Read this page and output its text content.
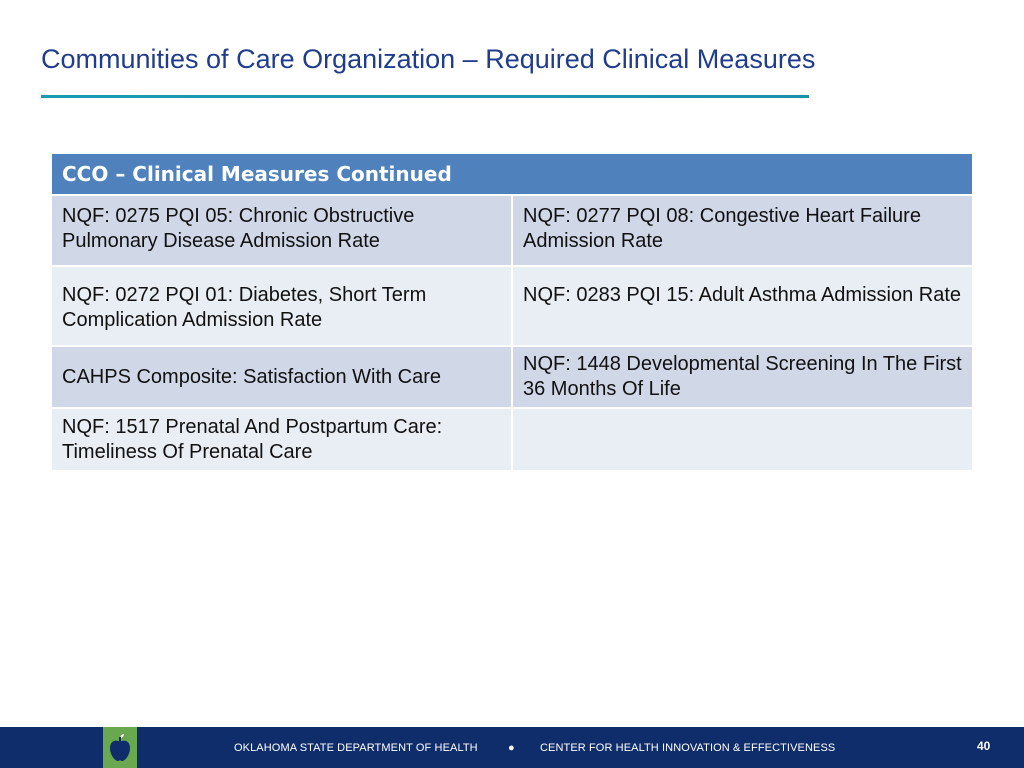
Communities of Care Organization – Required Clinical Measures
CCO – Clinical Measures Continued	
NQF: 0275 PQI 05: Chronic Obstructive Pulmonary Disease Admission Rate	NQF: 0277 PQI 08: Congestive Heart Failure Admission Rate
NQF: 0272 PQI 01: Diabetes, Short Term Complication Admission Rate	NQF: 0283 PQI 15: Adult Asthma Admission Rate
CAHPS Composite: Satisfaction With Care	NQF: 1448 Developmental Screening In The First 36 Months Of Life
NQF: 1517 Prenatal And Postpartum Care: Timeliness Of Prenatal Care	
OKLAHOMA STATE DEPARTMENT OF HEALTH	● CENTER FOR HEALTH INNOVATION & EFFECTIVENESS	40
